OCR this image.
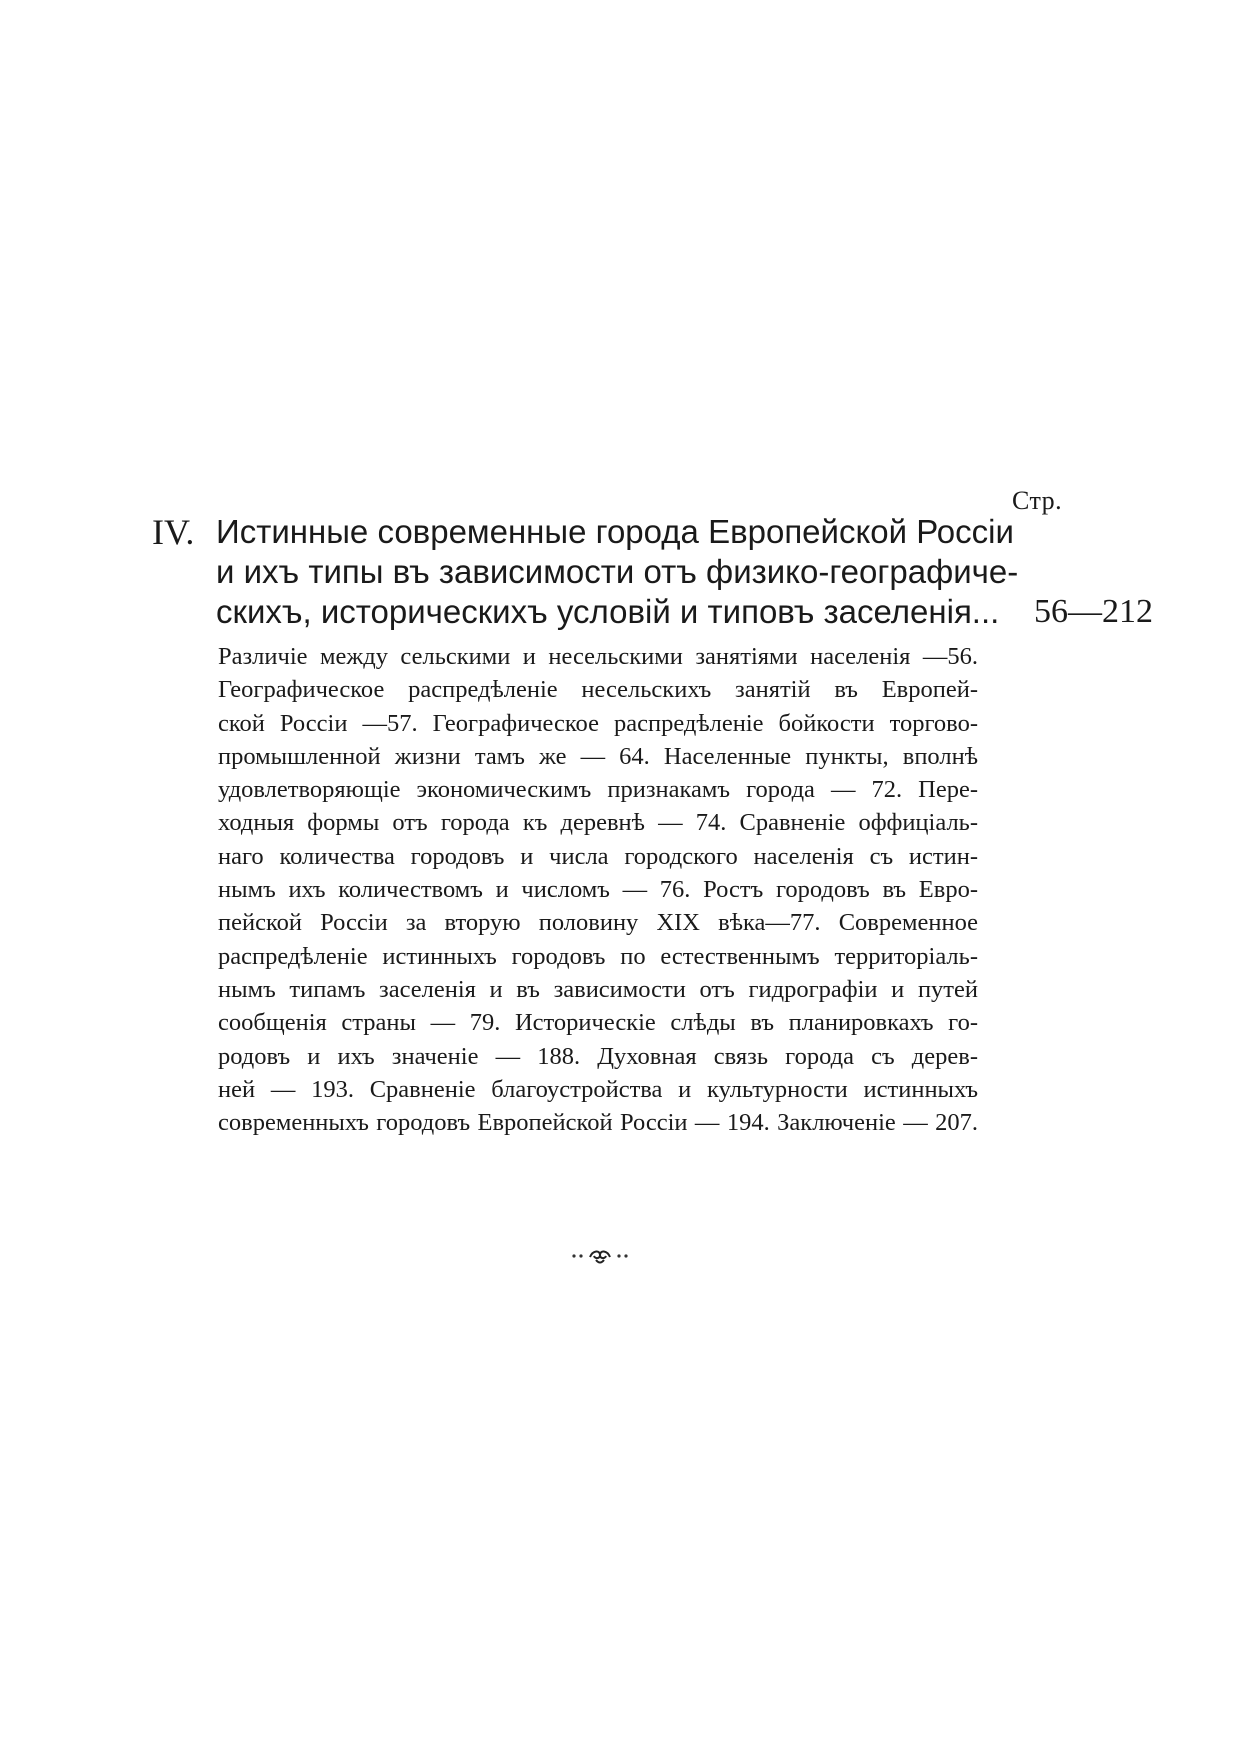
Стр.
IV. Истинные современные города Европейской Россіи
и ихъ типы въ зависимости отъ физико-географиче-
скихъ, историческихъ условій и типовъ заселенія... 56—212
Различіе между сельскими и несельскими занятіями населенія —56.
Географическое распредѣленіе несельскихъ занятій въ Европей-
ской Россіи —57. Географическое распредѣленіе бойкости торгово-
промышленной жизни тамъ же — 64. Населенные пункты, вполнѣ
удовлетворяющіе экономическимъ признакамъ города — 72. Пере-
ходныя формы отъ города къ деревнѣ — 74. Сравненіе оффиціаль-
наго количества городовъ и числа городского населенія съ истин-
нымъ ихъ количествомъ и числомъ — 76. Ростъ городовъ въ Евро-
пейской Россіи за вторую половину XIX вѣка—77. Современное
распредѣленіе истинныхъ городовъ по естественнымъ территоріаль-
нымъ типамъ заселенія и въ зависимости отъ гидрографіи и путей
сообщенія страны — 79. Историческіе слѣды въ планировкахъ го-
родовъ и ихъ значеніе — 188. Духовная связь города съ дерев-
ней — 193. Сравненіе благоустройства и культурности истинныхъ
современныхъ городовъ Европейской Россіи — 194. Заключеніе — 207.
